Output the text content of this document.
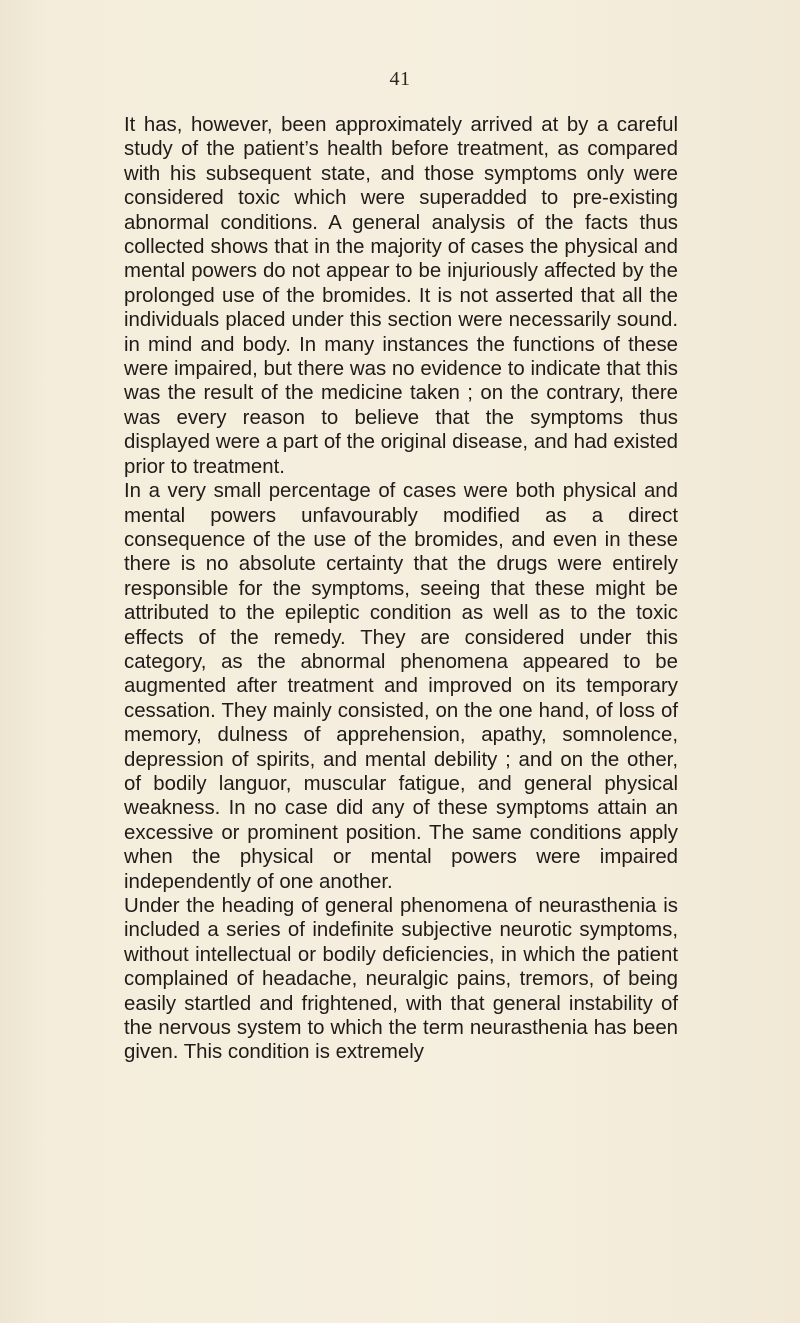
41

It has, however, been approximately arrived at by a careful study of the patient’s health before treatment, as compared with his subsequent state, and those symptoms only were considered toxic which were superadded to pre-existing abnormal conditions. A general analysis of the facts thus collected shows that in the majority of cases the physical and mental powers do not appear to be injuriously affected by the prolonged use of the bromides. It is not asserted that all the individuals placed under this section were necessarily sound. in mind and body. In many instances the functions of these were impaired, but there was no evidence to indicate that this was the result of the medicine taken ; on the contrary, there was every reason to believe that the symptoms thus displayed were a part of the original disease, and had existed prior to treatment.

In a very small percentage of cases were both physical and mental powers unfavourably modified as a direct consequence of the use of the bromides, and even in these there is no absolute certainty that the drugs were entirely responsible for the symptoms, seeing that these might be attributed to the epileptic condition as well as to the toxic effects of the remedy. They are considered under this category, as the abnormal phenomena appeared to be augmented after treatment and improved on its temporary cessation. They mainly consisted, on the one hand, of loss of memory, dulness of apprehension, apathy, somnolence, depression of spirits, and mental debility ; and on the other, of bodily languor, muscular fatigue, and general physical weakness. In no case did any of these symptoms attain an excessive or prominent position. The same conditions apply when the physical or mental powers were impaired independently of one another.

Under the heading of general phenomena of neurasthenia is included a series of indefinite subjective neurotic symptoms, without intellectual or bodily deficiencies, in which the patient complained of headache, neuralgic pains, tremors, of being easily startled and frightened, with that general instability of the nervous system to which the term neurasthenia has been given. This condition is extremely
